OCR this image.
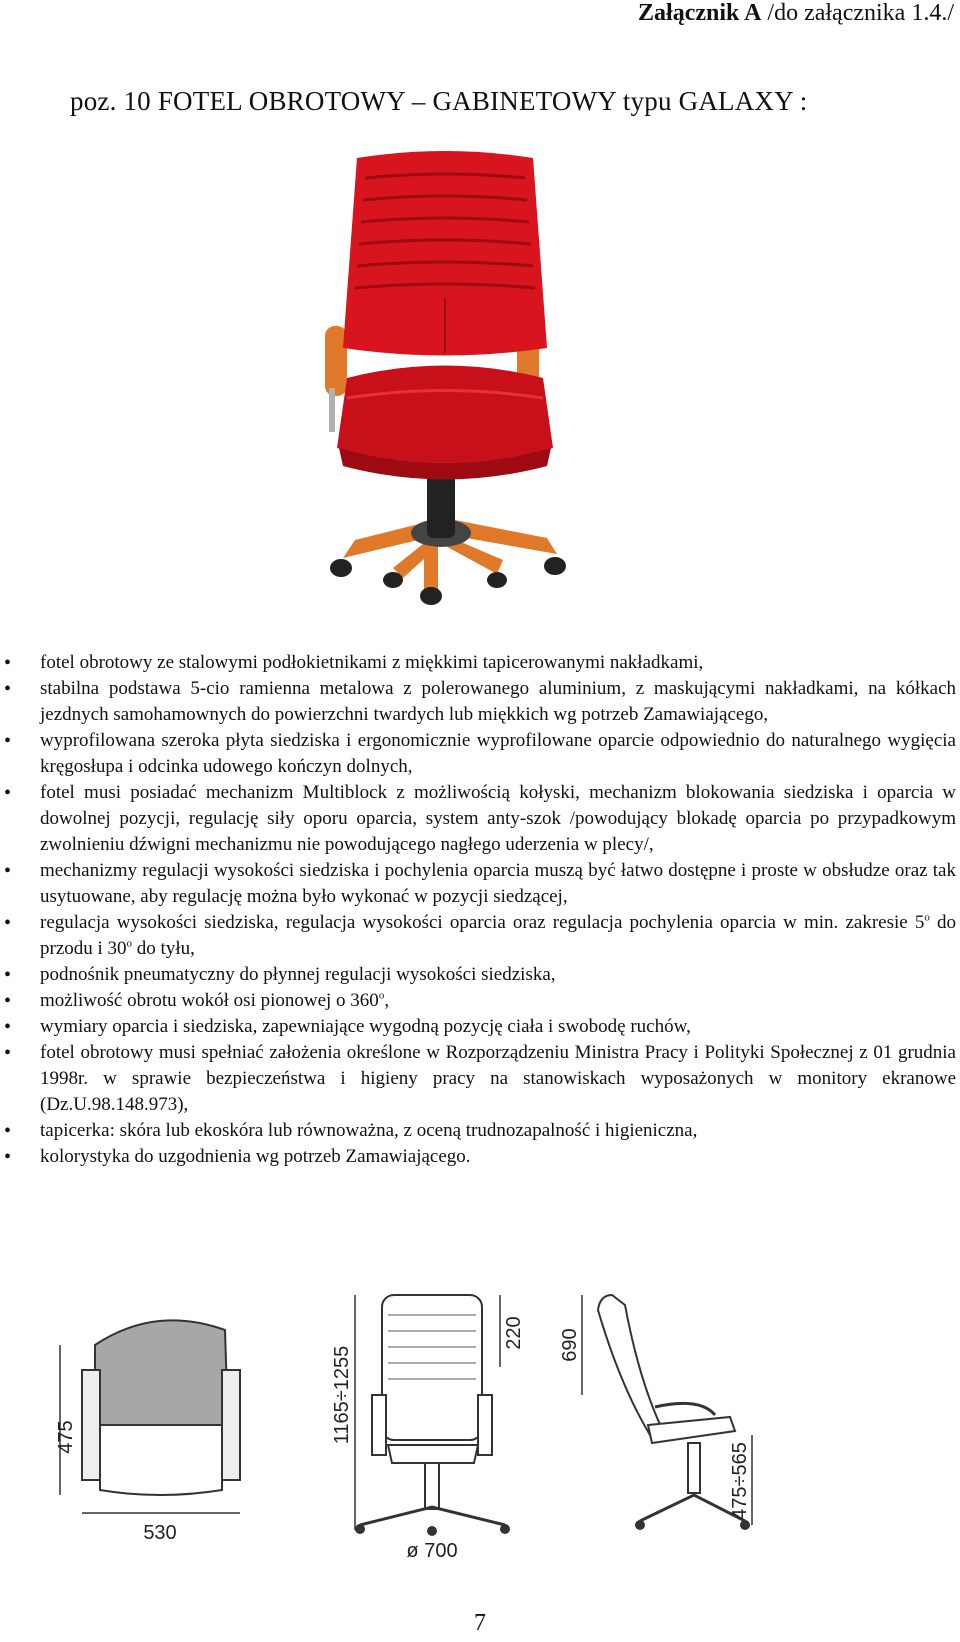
Załącznik A /do załącznika 1.4./
poz. 10 FOTEL OBROTOWY – GABINETOWY typu GALAXY :
• fotel obrotowy ze stalowymi podłokietnikami z miękkimi tapicerowanymi nakładkami,
• stabilna podstawa 5-cio ramienna metalowa z polerowanego aluminium, z maskującymi nakładkami, na kółkach jezdnych samohamownych do powierzchni twardych lub miękkich wg potrzeb Zamawiającego,
• wyprofilowana szeroka płyta siedziska i ergonomicznie wyprofilowane oparcie odpowiednio do naturalnego wygięcia kręgosłupa i odcinka udowego kończyn dolnych,
• fotel musi posiadać mechanizm Multiblock z możliwością kołyski, mechanizm blokowania siedziska i oparcia w dowolnej pozycji, regulację siły oporu oparcia, system anty-szok /powodujący blokadę oparcia po przypadkowym zwolnieniu dźwigni mechanizmu nie powodującego nagłego uderzenia w plecy/,
• mechanizmy regulacji wysokości siedziska i pochylenia oparcia muszą być łatwo dostępne i proste w obsłudze oraz tak usytuowane, aby regulację można było wykonać w pozycji siedzącej,
• regulacja wysokości siedziska, regulacja wysokości oparcia oraz regulacja pochylenia oparcia w min. zakresie 5$^o$ do przodu i 30$^o$ do tyłu,
• podnośnik pneumatyczny do płynnej regulacji wysokości siedziska,
• możliwość obrotu wokół osi pionowej o 360$^o$,
• wymiary oparcia i siedziska, zapewniające wygodną pozycję ciała i swobodę ruchów,
• fotel obrotowy musi spełniać założenia określone w Rozporządzeniu Ministra Pracy i Polityki Społecznej z 01 grudnia 1998r. w sprawie bezpieczeństwa i higieny pracy na stanowiskach wyposażonych w monitory ekranowe (Dz.U.98.148.973),
• tapicerka: skóra lub ekoskóra lub równoważna, z oceną trudnozapalność i higieniczna,
• kolorystyka do uzgodnienia wg potrzeb Zamawiającego.
475
530
1165÷1255
220
ø 700
690
475÷565
7
